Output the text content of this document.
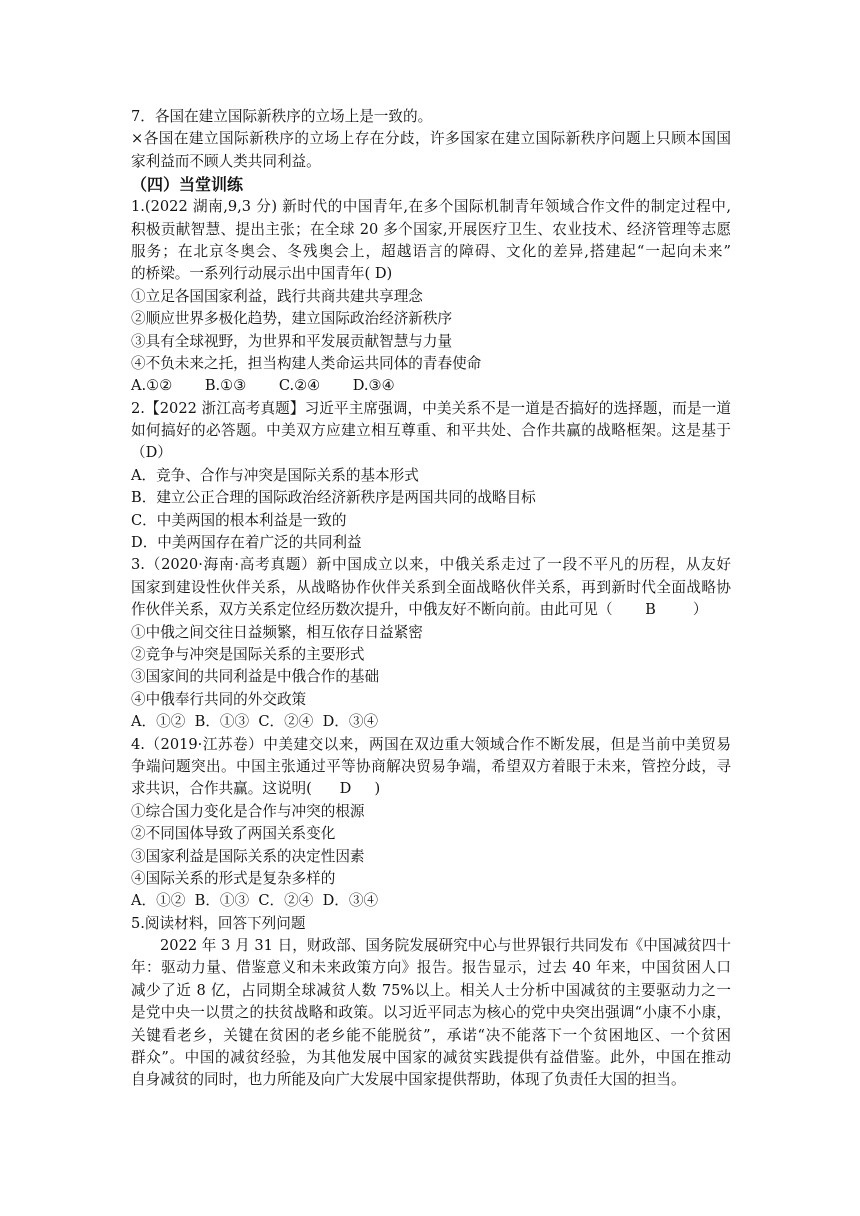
7．各国在建立国际新秩序的立场上是一致的。
×各国在建立国际新秩序的立场上存在分歧，许多国家在建立国际新秩序问题上只顾本国国
家利益而不顾人类共同利益。
（四）当堂训练
1.(2022 湖南,9,3 分) 新时代的中国青年,在多个国际机制青年领域合作文件的制定过程中,
积极贡献智慧、提出主张；在全球 20 多个国家,开展医疗卫生、农业技术、经济管理等志愿
服务；在北京冬奥会、冬残奥会上，超越语言的障碍、文化的差异,搭建起“一起向未来”
的桥梁。一系列行动展示出中国青年( D)
①立足各国国家利益，践行共商共建共享理念
②顺应世界多极化趋势，建立国际政治经济新秩序
③具有全球视野，为世界和平发展贡献智慧与力量
④不负未来之托，担当构建人类命运共同体的青春使命
A.①②       B.①③       C.②④       D.③④
2.【2022 浙江高考真题】习近平主席强调，中美关系不是一道是否搞好的选择题，而是一道
如何搞好的必答题。中美双方应建立相互尊重、和平共处、合作共赢的战略框架。这是基于
（D）
A．竞争、合作与冲突是国际关系的基本形式
B．建立公正合理的国际政治经济新秩序是两国共同的战略目标
C．中美两国的根本利益是一致的
D．中美两国存在着广泛的共同利益
3.（2020·海南·高考真题）新中国成立以来，中俄关系走过了一段不平凡的历程，从友好
国家到建设性伙伴关系，从战略协作伙伴关系到全面战略伙伴关系，再到新时代全面战略协
作伙伴关系，双方关系定位经历数次提升，中俄友好不断向前。由此可见（       B        ）
①中俄之间交往日益频繁，相互依存日益紧密
②竞争与冲突是国际关系的主要形式
③国家间的共同利益是中俄合作的基础
④中俄奉行共同的外交政策
A．①②  B．①③  C．②④  D．③④
4.（2019·江苏卷）中美建交以来，两国在双边重大领域合作不断发展，但是当前中美贸易
争端问题突出。中国主张通过平等协商解决贸易争端，希望双方着眼于未来，管控分歧，寻
求共识，合作共赢。这说明(      D     )
①综合国力变化是合作与冲突的根源
②不同国体导致了两国关系变化
③国家利益是国际关系的决定性因素
④国际关系的形式是复杂多样的
A．①②  B．①③  C．②④  D．③④
5.阅读材料，回答下列问题
2022 年 3 月 31 日，财政部、国务院发展研究中心与世界银行共同发布《中国减贫四十
年：驱动力量、借鉴意义和未来政策方向》报告。报告显示，过去 40 年来，中国贫困人口
减少了近 8 亿，占同期全球减贫人数 75%以上。相关人士分析中国减贫的主要驱动力之一
是党中央一以贯之的扶贫战略和政策。以习近平同志为核心的党中央突出强调“小康不小康，
关键看老乡，关键在贫困的老乡能不能脱贫”，承诺“决不能落下一个贫困地区、一个贫困
群众”。中国的减贫经验，为其他发展中国家的减贫实践提供有益借鉴。此外，中国在推动
自身减贫的同时，也力所能及向广大发展中国家提供帮助，体现了负责任大国的担当。
